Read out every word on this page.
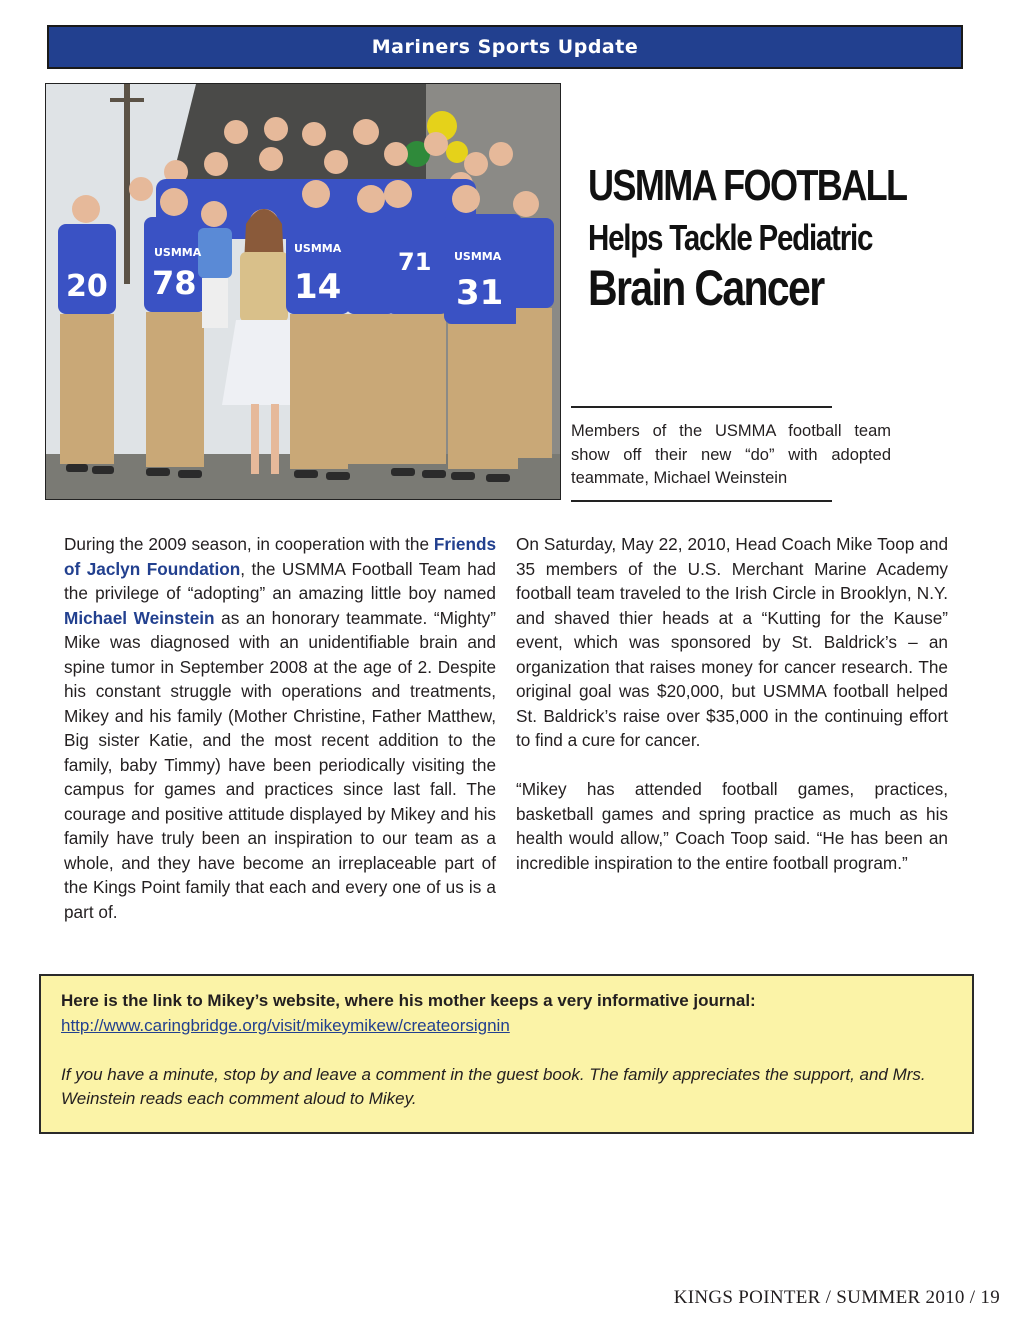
Mariners Sports Update
20 78	14
71
31
USMMA	USMMA
USMMA
USMMA FOOTBALL
Helps Tackle Pediatric
Brain Cancer
Members of the USMMA football team show off their new “do” with adopted teammate, Michael Weinstein

During the 2009 season, in cooperation with the Friends of Jaclyn Foundation, the USMMA Football Team had the privilege of “adopting” an amazing little boy named Michael Weinstein as an honorary teammate. “Mighty” Mike was diagnosed with an unidentifiable brain and spine tumor in September 2008 at the age of 2. Despite his constant struggle with operations and treatments, Mikey and his family (Mother Christine, Father Matthew, Big sister Katie, and the most recent addition to the family, baby Timmy) have been periodically visiting the campus for games and practices since last fall. The courage and positive attitude displayed by Mikey and his family have truly been an inspiration to our team as a whole, and they have become an irreplaceable part of the Kings Point family that each and every one of us is a part of.

On Saturday, May 22, 2010, Head Coach Mike Toop and 35 members of the U.S. Merchant Marine Academy football team traveled to the Irish Circle in Brooklyn, N.Y. and shaved thier heads at a “Kutting for the Kause” event, which was sponsored by St. Baldrick’s – an organization that raises money for cancer research. The original goal was $20,000, but USMMA football helped St. Baldrick’s raise over $35,000 in the continuing effort to find a cure for cancer.

“Mikey has attended football games, practices, basketball games and spring practice as much as his health would allow,” Coach Toop said. “He has been an incredible inspiration to the entire football program.”

Here is the link to Mikey’s website, where his mother keeps a very informative journal:
http://www.caringbridge.org/visit/mikeymikew/createorsignin
If you have a minute, stop by and leave a comment in the guest book. The family appreciates the support, and Mrs. Weinstein reads each comment aloud to Mikey.
KINGS POINTER / SUMMER 2010 / 19
